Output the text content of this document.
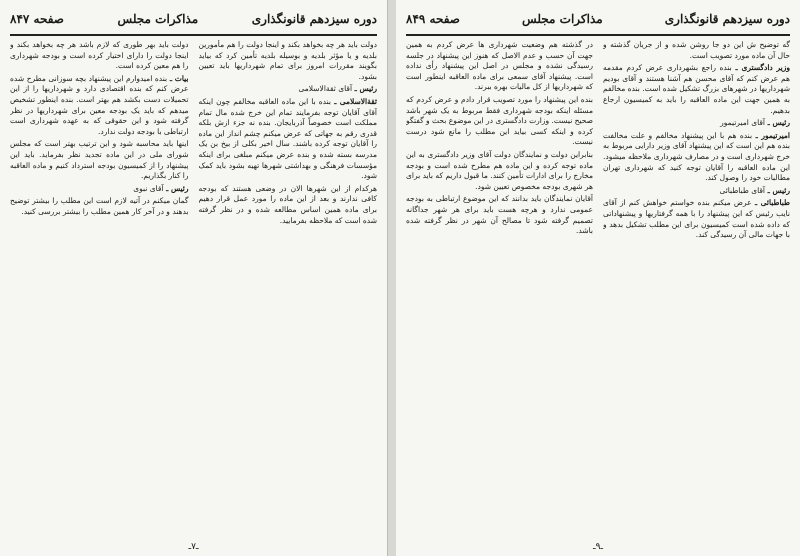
دوره سیزدهم قانونگذاری
مذاکرات مجلس
صفحه ۸۴۷

دولت باید هر چه بخواهد بکند و اینجا دولت را هم مأمورین بلدیه و یا مؤثر بلدیه و بوسیله بلدیه تأمین کرد که بیاید بگویند مقررات امروز برای تمام شهرداریها باید تعیین بشود.

رئیس ـ آقای ثقةالاسلامی

ثقةالاسلامی ـ بنده با این ماده العاقبه مخالفم چون اینکه آقای آقایان توجه بفرمایند تمام این خرج شده مال تمام مملکت است خصوصاً آذربایجان. بنده نه جزء ازش بلکه قدری رقم به جهاتی که عرض میکنم چشم انداز این ماده را آقایان توجه کرده باشند. سال اخیر بکلی از بیخ بن یک مدرسه بسته شده و بنده عرض میکنم مبلغی برای اینکه مؤسسات فرهنگی و بهداشتی شهرها تهیه بشود باید کمک شود.

هرکدام از این شهرها الان در وضعی هستند که بودجه کافی ندارند و بعد از این ماده را مورد عمل قرار دهیم برای ماده همین اساس مطالعه شده و در نظر گرفته شده است که ملاحظه بفرمایید.

دولت باید بهر طوری که لازم باشد هر چه بخواهد بکند و اینجا دولت را دارای اختیار کرده است و بودجه شهرداری را هم معین کرده است.

بیات ـ بنده امیدوارم این پیشنهاد بچه سوزانی مطرح شده عرض کنم که بنده اقتصادی دارد و شهرداریها را از این تحمیلات دست بکشد هم بهتر است. بنده اینطور تشخیص میدهم که باید یک بودجه معین برای شهرداریها در نظر گرفته شود و این حقوقی که به عهده شهرداری است ارتباطی با بودجه دولت ندارد.

اینها باید محاسبه شود و این ترتیب بهتر است که مجلس شورای ملی در این ماده تجدید نظر بفرماید. باید این پیشنهاد را از کمیسیون بودجه استرداد کنیم و ماده العاقبه را کنار بگذاریم.

رئیس ـ آقای نبوی

گمان میکنم در آتیه لازم است این مطلب را بیشتر توضیح بدهند و در آخر کار همین مطلب را بیشتر بررسی کنید.

ـ۷ـ
دوره سیزدهم قانونگذاری
مذاکرات مجلس
صفحه ۸۴۹

گه توضیح ش این دو جا روشن شده و از جریان گذشته و حال آن ماده مورد تصویب است.

وزیر دادگستری ـ بنده راجع بشهرداری عرض کردم مقدمه هم عرض کنم که آقای محسن هم آشنا هستند و آقای بودیم شهرداریها در شهرهای بزرگ تشکیل شده است. بنده مخالفم به همین جهت این ماده العاقبه را باید به کمیسیون ارجاع بدهیم.

رئیس ـ آقای امیرتیمور

امیرتیمور ـ بنده هم با این پیشنهاد مخالفم و علت مخالفت بنده هم این است که این پیشنهاد آقای وزیر دارایی مربوط به خرج شهرداری است و در مصارف شهرداری ملاحظه میشود. این ماده العاقبه را آقایان توجه کنید که شهرداری تهران مطالبات خود را وصول کند.

رئیس ـ آقای طباطبائی

طباطبائی ـ عرض میکنم بنده خواستم خواهش کنم از آقای نایب رئیس که این پیشنهاد را با همه گرفتاریها و پیشنهاداتی که داده شده است کمیسیون برای این مطلب تشکیل بدهد و با جهات مالی آن رسیدگی کند.

در گذشته هم وضعیت شهرداری ها عرض کردم به همین جهت آن حسب و عدم الاصل که هنوز این پیشنهاد در جلسه رسیدگی نشده و مجلس در اصل این پیشنهاد رأی نداده است. پیشنهاد آقای سمعی برای ماده العاقبه اینطور است که شهرداریها از کل مالیات بهره ببرند.

بنده این پیشنهاد را مورد تصویب قرار دادم و عرض کردم که مسئله اینکه بودجه شهرداری فقط مربوط به یک شهر باشد صحیح نیست. وزارت دادگستری در این موضوع بحث و گفتگو کرده و اینکه کسی بیاید این مطلب را مانع شود درست نیست.

بنابراین دولت و نمایندگان دولت آقای وزیر دادگستری به این ماده توجه کرده و این ماده هم مطرح شده است و بودجه مخارج را برای ادارات تأمین کنند. ما قبول داریم که باید برای هر شهری بودجه مخصوص تعیین شود.

آقایان نمایندگان باید بدانند که این موضوع ارتباطی به بودجه عمومی ندارد و هرچه هست باید برای هر شهر جداگانه تصمیم گرفته شود تا مصالح آن شهر در نظر گرفته شده باشد.

ـ۹ـ
